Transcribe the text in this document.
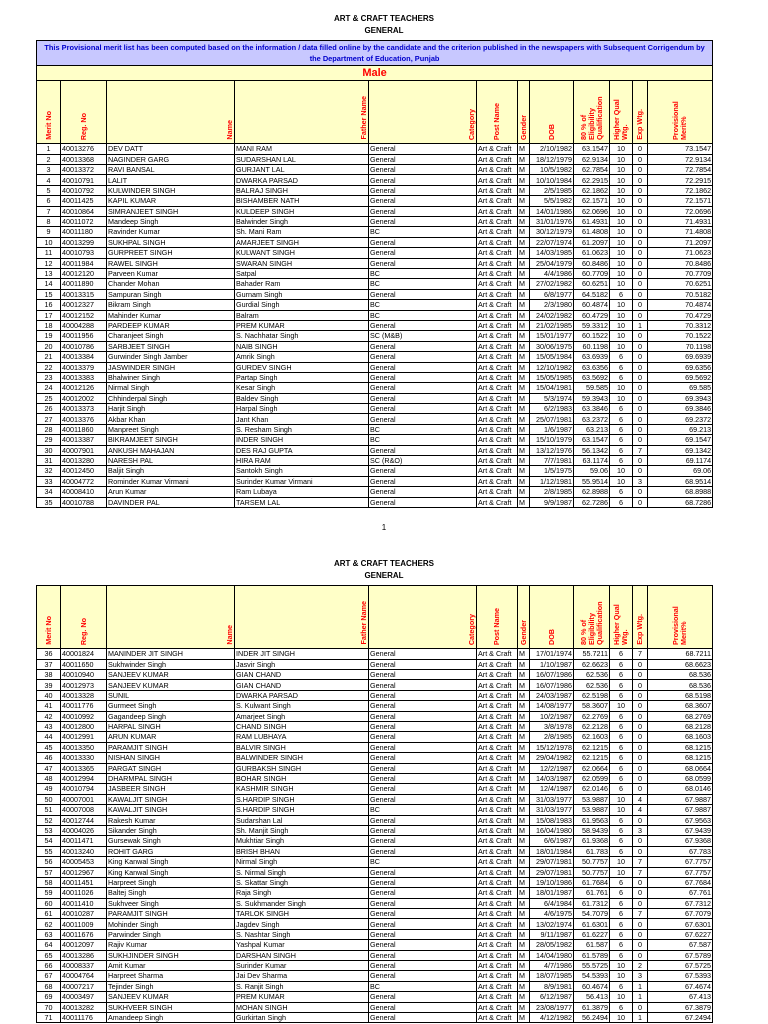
ART & CRAFT TEACHERS
GENERAL
This Provisional merit list has been computed based on the information / data filled online by the candidate and the criterion published in the newspapers with Subsequent Corrigendum by the Department of Education, Punjab											
Male											
Merit No	Reg. No	Name	Father Name	Category	Post Name	Gender	DOB	80 % of Eligibility Qualification	Higher Qual Wtg.	Exp Wtg.	Provisional Merit%
1	40013276	DEV DATT	MANI RAM	General	Art & Craft	M	2/10/1982	63.1547	10	0	73.1547
2	40013368	NAGINDER GARG	SUDARSHAN LAL	General	Art & Craft	M	18/12/1979	62.9134	10	0	72.9134
3	40013372	RAVI BANSAL	GURJANT LAL	General	Art & Craft	M	10/5/1982	62.7854	10	0	72.7854
4	40010791	LALIT	DWARKA PARSAD	General	Art & Craft	M	10/10/1984	62.2915	10	0	72.2915
5	40010792	KULWINDER SINGH	BALRAJ SINGH	General	Art & Craft	M	2/5/1985	62.1862	10	0	72.1862
6	40011425	KAPIL KUMAR	BISHAMBER NATH	General	Art & Craft	M	5/5/1982	62.1571	10	0	72.1571
7	40010864	SIMRANJEET SINGH	KULDEEP SINGH	General	Art & Craft	M	14/01/1986	62.0696	10	0	72.0696
8	40011072	Mandeep Singh	Balwinder Singh	General	Art & Craft	M	31/01/1976	61.4931	10	0	71.4931
9	40011180	Ravinder Kumar	Sh. Mani Ram	BC	Art & Craft	M	30/12/1979	61.4808	10	0	71.4808
10	40013299	SUKHPAL SINGH	AMARJEET SINGH	General	Art & Craft	M	22/07/1974	61.2097	10	0	71.2097
11	40010793	GURPREET SINGH	KULWANT SINGH	General	Art & Craft	M	14/03/1985	61.0623	10	0	71.0623
12	40011984	RAWEL SINGH	SWARAN SINGH	General	Art & Craft	M	25/04/1979	60.8486	10	0	70.8486
13	40012120	Parveen Kumar	Satpal	BC	Art & Craft	M	4/4/1986	60.7709	10	0	70.7709
14	40011890	Chander Mohan	Bahader Ram	BC	Art & Craft	M	27/02/1982	60.6251	10	0	70.6251
15	40013315	Sampuran Singh	Gurnam Singh	General	Art & Craft	M	6/8/1977	64.5182	6	0	70.5182
16	40012327	Bikram Singh	Gurdial Singh	BC	Art & Craft	M	2/3/1980	60.4874	10	0	70.4874
17	40012152	Mahinder Kumar	Balram	BC	Art & Craft	M	24/02/1982	60.4729	10	0	70.4729
18	40004288	PARDEEP KUMAR	PREM KUMAR	General	Art & Craft	M	21/02/1985	59.3312	10	1	70.3312
19	40011956	Charanjeet Singh	S. Nachhatar Singh	SC (M&B)	Art & Craft	M	15/01/1977	60.1522	10	0	70.1522
20	40010786	SARBJEET SINGH	NAIB SINGH	General	Art & Craft	M	30/06/1975	60.1198	10	0	70.1198
21	40013384	Gurwinder Singh Jamber	Amrik Singh	General	Art & Craft	M	15/05/1984	63.6939	6	0	69.6939
22	40013379	JASWINDER SINGH	GURDEV SINGH	General	Art & Craft	M	12/10/1982	63.6356	6	0	69.6356
23	40013383	Bhalwiner Singh	Partap Singh	General	Art & Craft	M	15/05/1985	63.5692	6	0	69.5692
24	40012126	Nirmal Singh	Kesar Singh	General	Art & Craft	M	15/04/1981	59.585	10	0	69.585
25	40012002	Chhinderpal Singh	Baldev Singh	General	Art & Craft	M	5/3/1974	59.3943	10	0	69.3943
26	40013373	Harjit Singh	Harpal Singh	General	Art & Craft	M	6/2/1983	63.3846	6	0	69.3846
27	40013376	Akbar Khan	Jant Khan	General	Art & Craft	M	25/07/1981	63.2372	6	0	69.2372
28	40011860	Manpreet Singh	S. Resham Singh	BC	Art & Craft	M	1/6/1987	63.213	6	0	69.213
29	40013387	BIKRAMJEET SINGH	INDER SINGH	BC	Art & Craft	M	15/10/1979	63.1547	6	0	69.1547
30	40007901	ANKUSH MAHAJAN	DES RAJ GUPTA	General	Art & Craft	M	13/12/1976	56.1342	6	7	69.1342
31	40013280	NARESH PAL	HIRA RAM	SC (R&O)	Art & Craft	M	7/7/1981	63.1174	6	0	69.1174
32	40012450	Baljit Singh	Santokh Singh	General	Art & Craft	M	1/5/1975	59.06	10	0	69.06
33	40004772	Rominder Kumar Virmani	Surinder Kumar Virmani	General	Art & Craft	M	1/12/1981	55.9514	10	3	68.9514
34	40008410	Arun Kumar	Ram Lubaya	General	Art & Craft	M	2/8/1985	62.8988	6	0	68.8988
35	40010788	DAVINDER PAL	TARSEM LAL	General	Art & Craft	M	9/9/1987	62.7286	6	0	68.7286
1
ART & CRAFT TEACHERS
GENERAL
Merit No	Reg. No	Name	Father Name	Category	Post Name	Gender	DOB	80 % of Eligibility Qualification	Higher Qual Wtg.	Exp Wtg.	Provisional Merit%
36	40001824	MANINDER JIT SINGH	INDER JIT SINGH	General	Art & Craft	M	17/01/1974	55.7211	6	7	68.7211
37	40011650	Sukhwinder Singh	Jasvir Singh	General	Art & Craft	M	1/10/1987	62.6623	6	0	68.6623
38	40010940	SANJEEV KUMAR	GIAN CHAND	General	Art & Craft	M	16/07/1986	62.536	6	0	68.536
39	40012973	SANJEEV KUMAR	GIAN CHAND	General	Art & Craft	M	16/07/1986	62.536	6	0	68.536
40	40013328	SUNIL	DWARKA PARSAD	General	Art & Craft	M	24/03/1987	62.5198	6	0	68.5198
41	40011776	Gurmeet Singh	S. Kulwant Singh	General	Art & Craft	M	14/08/1977	58.3607	10	0	68.3607
42	40010992	Gagandeep Singh	Amarjeet Singh	General	Art & Craft	M	10/2/1987	62.2769	6	0	68.2769
43	40012800	HARPAL SINGH	CHAND SINGH	General	Art & Craft	M	3/8/1978	62.2128	6	0	68.2128
44	40012991	ARUN KUMAR	RAM LUBHAYA	General	Art & Craft	M	2/8/1985	62.1603	6	0	68.1603
45	40013350	PARAMJIT SINGH	BALVIR SINGH	General	Art & Craft	M	15/12/1978	62.1215	6	0	68.1215
46	40013330	NISHAN SINGH	BALWINDER SINGH	General	Art & Craft	M	29/04/1982	62.1215	6	0	68.1215
47	40013365	PARGAT SINGH	GURBAKSH SINGH	General	Art & Craft	M	12/2/1987	62.0664	6	0	68.0664
48	40012994	DHARMPAL SINGH	BOHAR SINGH	General	Art & Craft	M	14/03/1987	62.0599	6	0	68.0599
49	40010794	JASBEER SINGH	KASHMIR SINGH	General	Art & Craft	M	12/4/1987	62.0146	6	0	68.0146
50	40007001	KAWALJIT SINGH	S.HARDIP SINGH	General	Art & Craft	M	31/03/1977	53.9887	10	4	67.9887
51	40007008	KAWALJIT SINGH	S.HARDIP SINGH	BC	Art & Craft	M	31/03/1977	53.9887	10	4	67.9887
52	40012744	Rakesh Kumar	Sudarshan Lal	General	Art & Craft	M	15/08/1983	61.9563	6	0	67.9563
53	40004026	Sikander Singh	Sh. Manjit Singh	General	Art & Craft	M	16/04/1980	58.9439	6	3	67.9439
54	40011471	Gursewak Singh	Mukhtiar Singh	General	Art & Craft	M	6/6/1987	61.9368	6	0	67.9368
55	40013240	ROHIT GARG	BRISH BHAN	General	Art & Craft	M	18/01/1984	61.783	6	0	67.783
56	40005453	King Kanwal Singh	Nirmal Singh	BC	Art & Craft	M	29/07/1981	50.7757	10	7	67.7757
57	40012967	King Kanwal Singh	S. Nirmal Singh	General	Art & Craft	M	29/07/1981	50.7757	10	7	67.7757
58	40011451	Harpreet Singh	S. Skattar Singh	General	Art & Craft	M	19/10/1986	61.7684	6	0	67.7684
59	40011026	Baltej Singh	Raja Singh	General	Art & Craft	M	18/01/1987	61.761	6	0	67.761
60	40011410	Sukhveer Singh	S. Sukhmander Singh	General	Art & Craft	M	6/4/1984	61.7312	6	0	67.7312
61	40010287	PARAMJIT SINGH	TARLOK SINGH	General	Art & Craft	M	4/6/1975	54.7079	6	7	67.7079
62	40011009	Mohinder Singh	Jagdev Singh	General	Art & Craft	M	13/02/1974	61.6301	6	0	67.6301
63	40011676	Parwinder Singh	S. Nashtar Singh	General	Art & Craft	M	9/11/1987	61.6227	6	0	67.6227
64	40012097	Rajiv Kumar	Yashpal Kumar	General	Art & Craft	M	28/05/1982	61.587	6	0	67.587
65	40013286	SUKHJINDER SINGH	DARSHAN SINGH	General	Art & Craft	M	14/04/1980	61.5789	6	0	67.5789
66	40008337	Amit Kumar	Surinder Kumar	General	Art & Craft	M	4/7/1986	55.5725	10	2	67.5725
67	40004764	Harpreet Sharma	Jai Dev Sharma	General	Art & Craft	M	18/07/1985	54.5393	10	3	67.5393
68	40007217	Tejinder Singh	S. Ranjit Singh	BC	Art & Craft	M	8/9/1981	60.4674	6	1	67.4674
69	40003497	SANJEEV KUMAR	PREM KUMAR	General	Art & Craft	M	6/12/1987	56.413	10	1	67.413
70	40013282	SUKHVEER SINGH	MOHAN SINGH	General	Art & Craft	M	23/08/1977	61.3879	6	0	67.3879
71	40011176	Amandeep Singh	Gurkirtan Singh	General	Art & Craft	M	4/12/1982	56.2494	10	1	67.2494
